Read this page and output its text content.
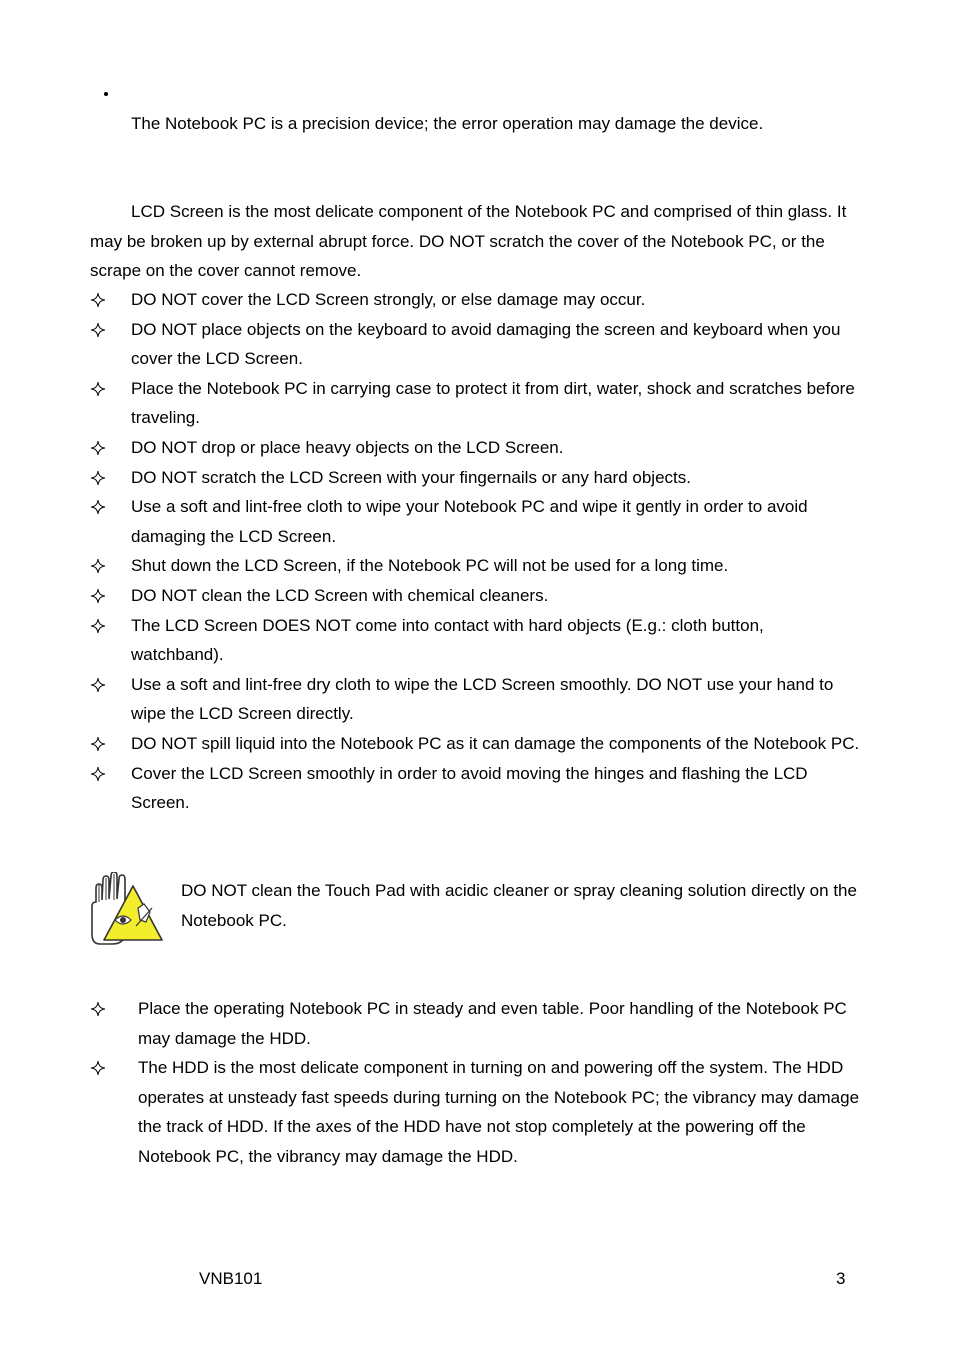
The Notebook PC is a precision device; the error operation may damage the device.
LCD Screen is the most delicate component of the Notebook PC and comprised of thin glass. It may be broken up by external abrupt force. DO NOT scratch the cover of the Notebook PC, or the scrape on the cover cannot remove.
DO NOT cover the LCD Screen strongly, or else damage may occur.
DO NOT place objects on the keyboard to avoid damaging the screen and keyboard when you cover the LCD Screen.
Place the Notebook PC in carrying case to protect it from dirt, water, shock and scratches before traveling.
DO NOT drop or place heavy objects on the LCD Screen.
DO NOT scratch the LCD Screen with your fingernails or any hard objects.
Use a soft and lint-free cloth to wipe your Notebook PC and wipe it gently in order to avoid damaging the LCD Screen.
Shut down the LCD Screen, if the Notebook PC will not be used for a long time.
DO NOT clean the LCD Screen with chemical cleaners.
The LCD Screen DOES NOT come into contact with hard objects (E.g.: cloth button, watchband).
Use a soft and lint-free dry cloth to wipe the LCD Screen smoothly. DO NOT use your hand to wipe the LCD Screen directly.
DO NOT spill liquid into the Notebook PC as it can damage the components of the Notebook PC.
Cover the LCD Screen smoothly in order to avoid moving the hinges and flashing the LCD Screen.
DO NOT clean the Touch Pad with acidic cleaner or spray cleaning solution directly on the Notebook PC.
Place the operating Notebook PC in steady and even table. Poor handling of the Notebook PC may damage the HDD.
The HDD is the most delicate component in turning on and powering off the system. The HDD operates at unsteady fast speeds during turning on the Notebook PC; the vibrancy may damage the track of HDD. If the axes of the HDD have not stop completely at the powering off the Notebook PC, the vibrancy may damage the HDD.
VNB101	3
